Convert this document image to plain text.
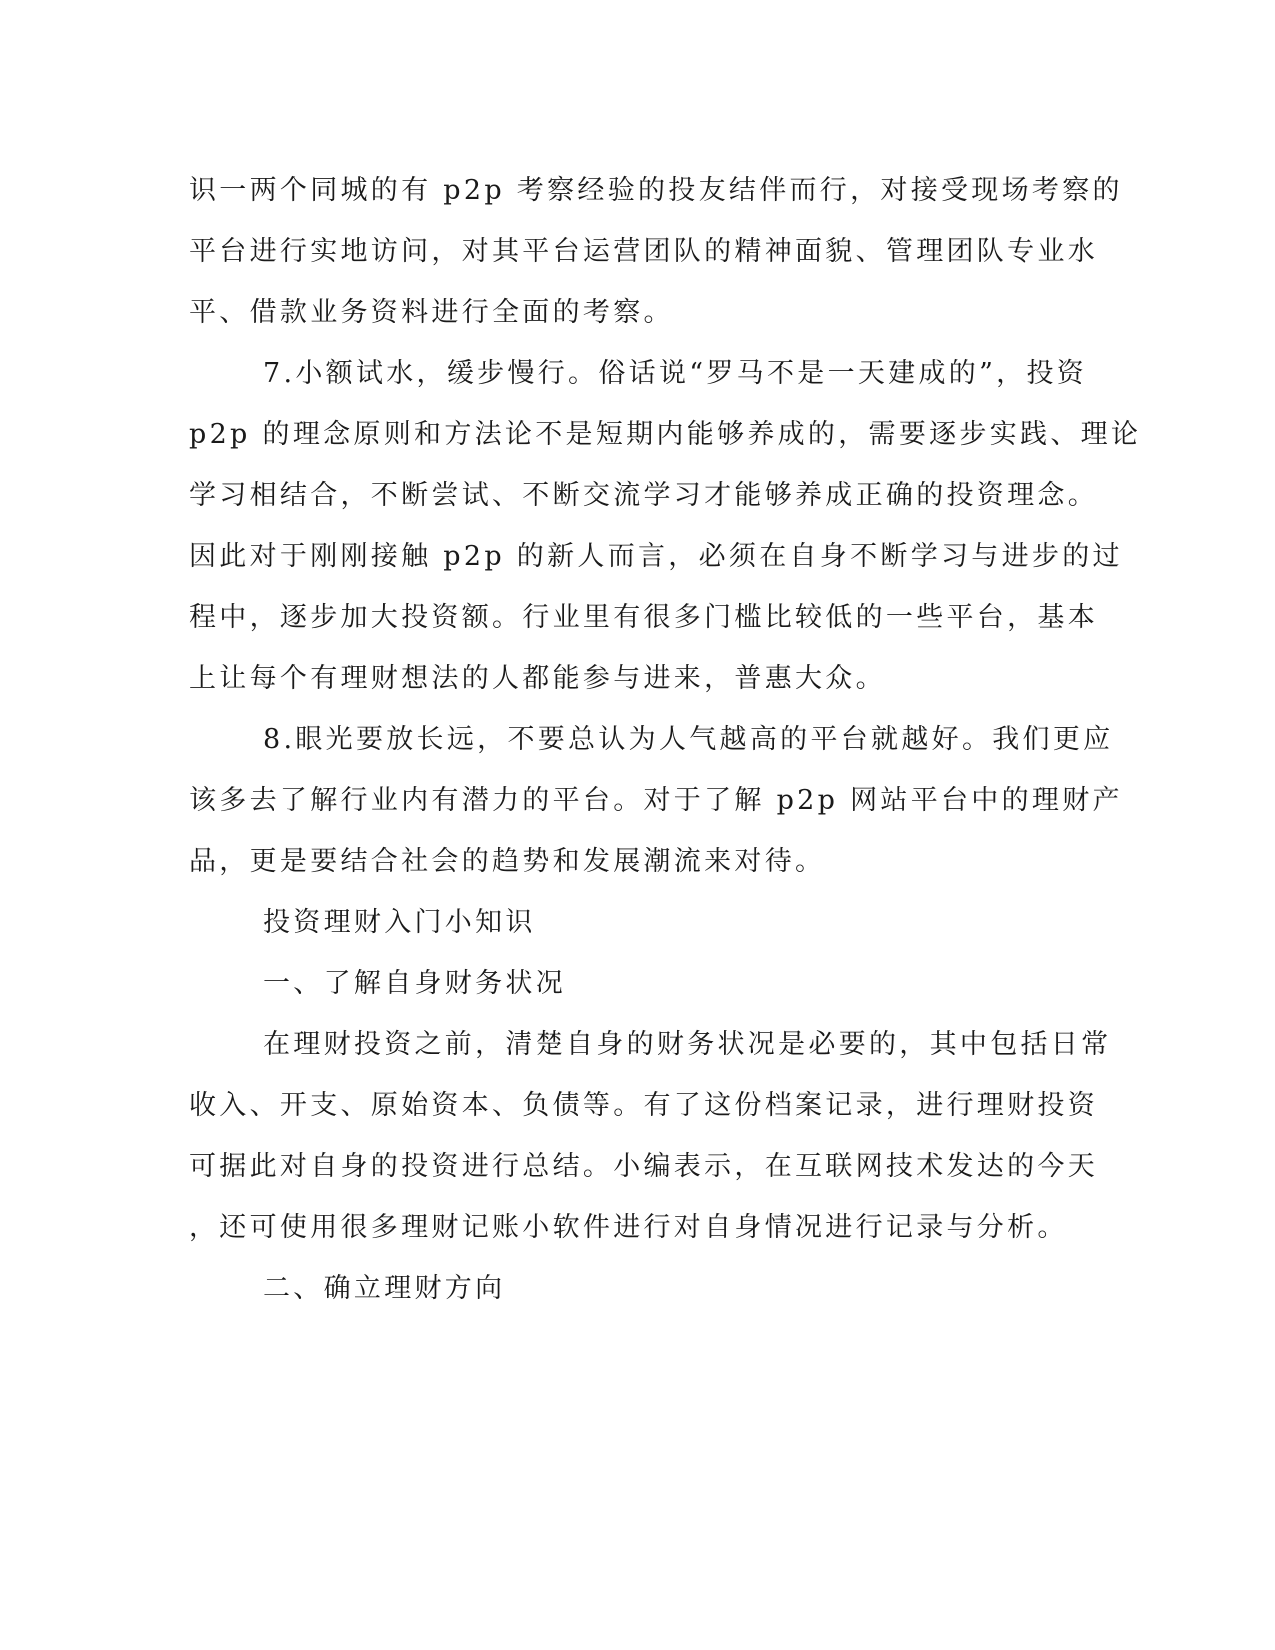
识一两个同城的有 p2p 考察经验的投友结伴而行，对接受现场考察的
平台进行实地访问，对其平台运营团队的精神面貌、管理团队专业水
平、借款业务资料进行全面的考察。
7.小额试水，缓步慢行。俗话说“罗马不是一天建成的”，投资
p2p 的理念原则和方法论不是短期内能够养成的，需要逐步实践、理论
学习相结合，不断尝试、不断交流学习才能够养成正确的投资理念。
因此对于刚刚接触 p2p 的新人而言，必须在自身不断学习与进步的过
程中，逐步加大投资额。行业里有很多门槛比较低的一些平台，基本
上让每个有理财想法的人都能参与进来，普惠大众。
8.眼光要放长远，不要总认为人气越高的平台就越好。我们更应
该多去了解行业内有潜力的平台。对于了解 p2p 网站平台中的理财产
品，更是要结合社会的趋势和发展潮流来对待。
投资理财入门小知识
一、了解自身财务状况
在理财投资之前，清楚自身的财务状况是必要的，其中包括日常
收入、开支、原始资本、负债等。有了这份档案记录，进行理财投资
可据此对自身的投资进行总结。小编表示，在互联网技术发达的今天
，还可使用很多理财记账小软件进行对自身情况进行记录与分析。
二、确立理财方向
